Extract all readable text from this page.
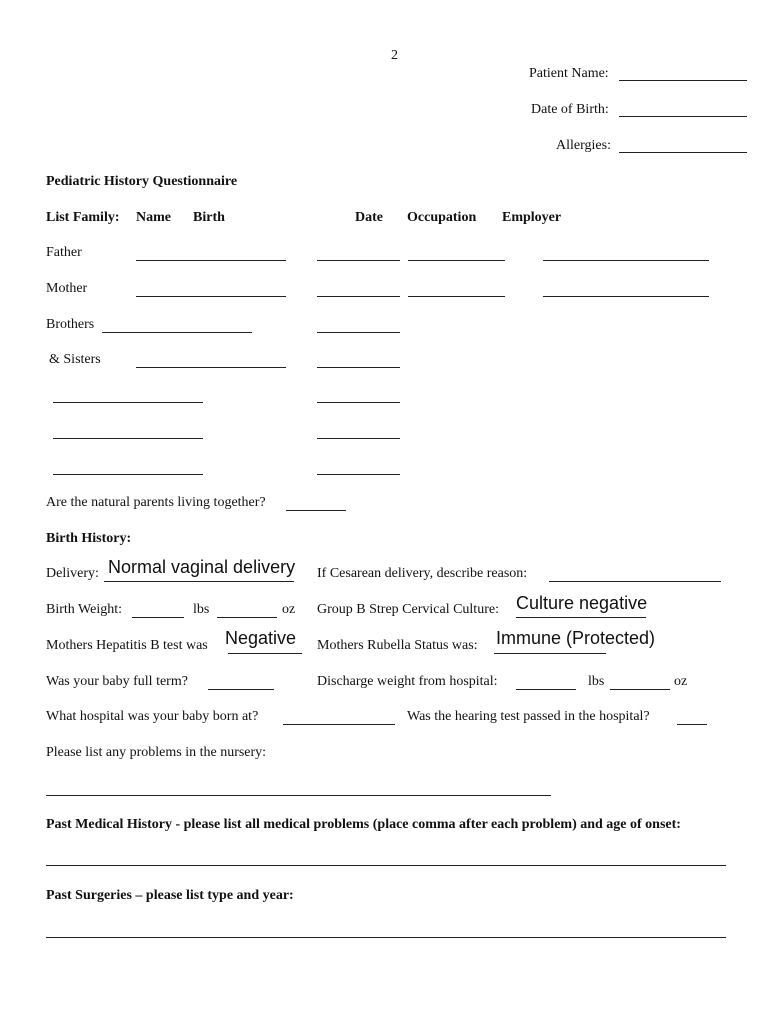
2
Patient Name:
Date of Birth:
Allergies:
Pediatric History Questionnaire
List Family: Name Birth	Date Occupation Employer
Father
Mother
Brothers
& Sisters
Are the natural parents living together?
Birth History:
Delivery: Normal vaginal delivery If Cesarean delivery, describe reason:
Birth Weight:	lbs	oz Group B Strep Cervical Culture: Culture negative
Mothers Hepatitis B test was Negative Mothers Rubella Status was: Immune (Protected)
Was your baby full term?	Discharge weight from hospital:	lbs	oz
What hospital was your baby born at?	Was the hearing test passed in the hospital?
Please list any problems in the nursery:
Past Medical History - please list all medical problems (place comma after each problem) and age of onset:
Past Surgeries – please list type and year:
